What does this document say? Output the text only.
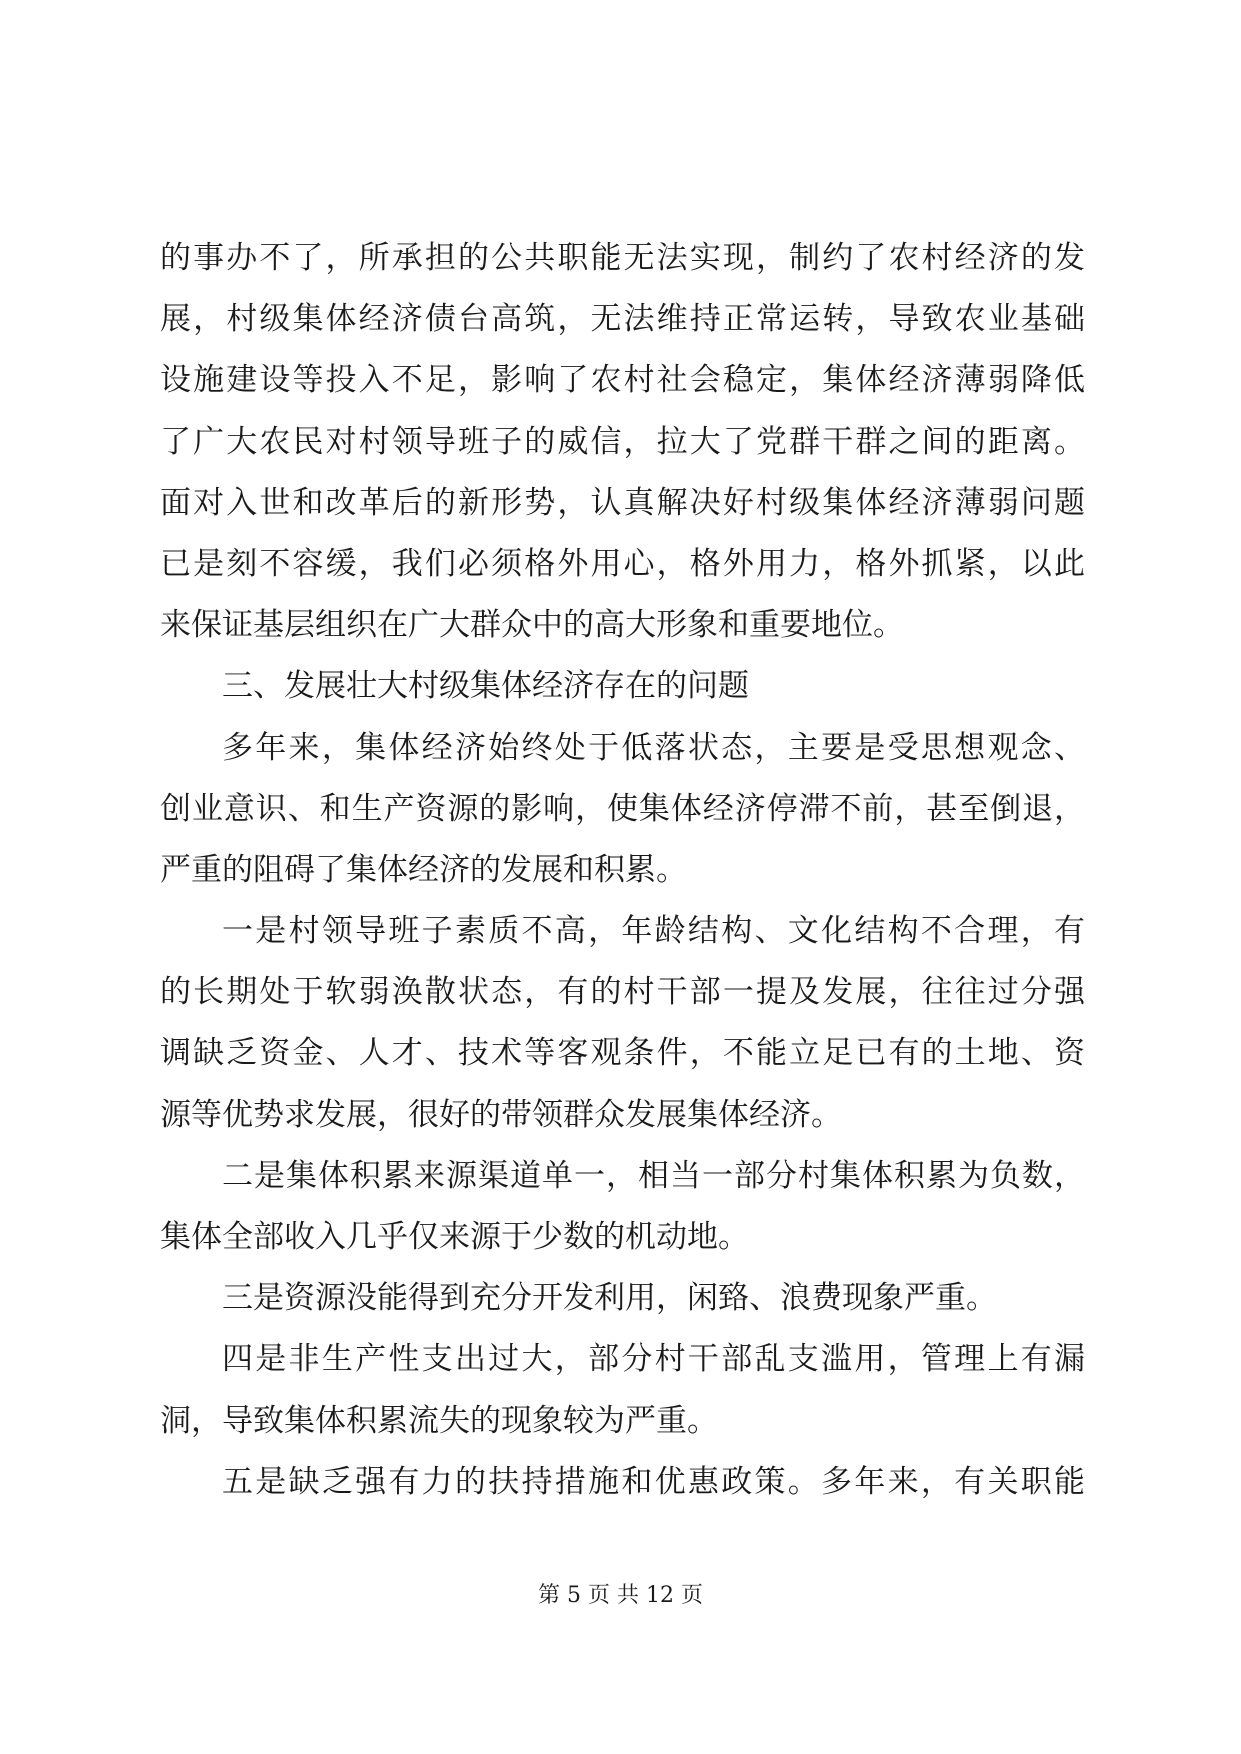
的事办不了，所承担的公共职能无法实现，制约了农村经济的发
展，村级集体经济债台高筑，无法维持正常运转，导致农业基础
设施建设等投入不足，影响了农村社会稳定，集体经济薄弱降低
了广大农民对村领导班子的威信，拉大了党群干群之间的距离。
面对入世和改革后的新形势，认真解决好村级集体经济薄弱问题
已是刻不容缓，我们必须格外用心，格外用力，格外抓紧，以此
来保证基层组织在广大群众中的高大形象和重要地位。
三、发展壮大村级集体经济存在的问题
多年来，集体经济始终处于低落状态，主要是受思想观念、
创业意识、和生产资源的影响，使集体经济停滞不前，甚至倒退，
严重的阻碍了集体经济的发展和积累。
一是村领导班子素质不高，年龄结构、文化结构不合理，有
的长期处于软弱涣散状态，有的村干部一提及发展，往往过分强
调缺乏资金、人才、技术等客观条件，不能立足已有的土地、资
源等优势求发展，很好的带领群众发展集体经济。
二是集体积累来源渠道单一，相当一部分村集体积累为负数，
集体全部收入几乎仅来源于少数的机动地。
三是资源没能得到充分开发利用，闲臵、浪费现象严重。
四是非生产性支出过大，部分村干部乱支滥用，管理上有漏
洞，导致集体积累流失的现象较为严重。
五是缺乏强有力的扶持措施和优惠政策。多年来，有关职能
第 5 页 共 12 页
